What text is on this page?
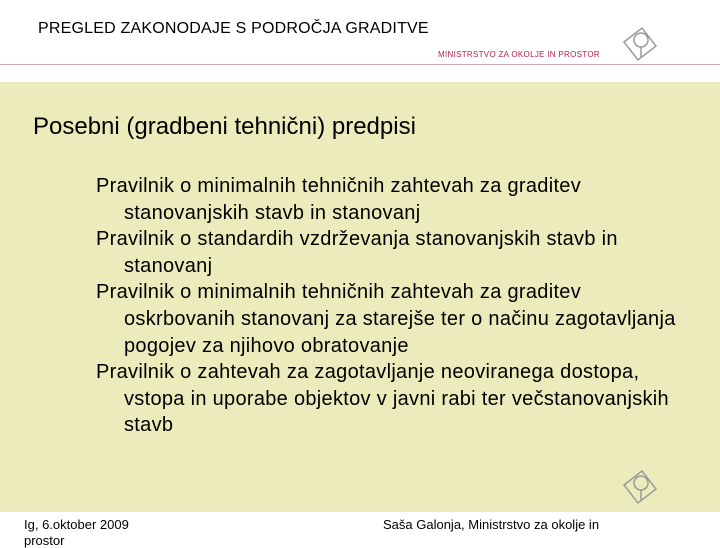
PREGLED ZAKONODAJE S PODROČJA GRADITVE
MINISTRSTVO ZA OKOLJE IN PROSTOR
Posebni (gradbeni tehnični) predpisi
Pravilnik o minimalnih tehničnih zahtevah za graditev stanovanjskih stavb in stanovanj
Pravilnik o standardih vzdrževanja stanovanjskih stavb in stanovanj
Pravilnik o minimalnih tehničnih zahtevah za graditev oskrbovanih stanovanj za starejše ter o načinu zagotavljanja pogojev za njihovo obratovanje
Pravilnik o zahtevah za zagotavljanje neoviranega dostopa, vstopa in uporabe objektov v javni rabi ter večstanovanjskih stavb
Ig, 6.oktober 2009
prostor
Saša Galonja, Ministrstvo za okolje in
